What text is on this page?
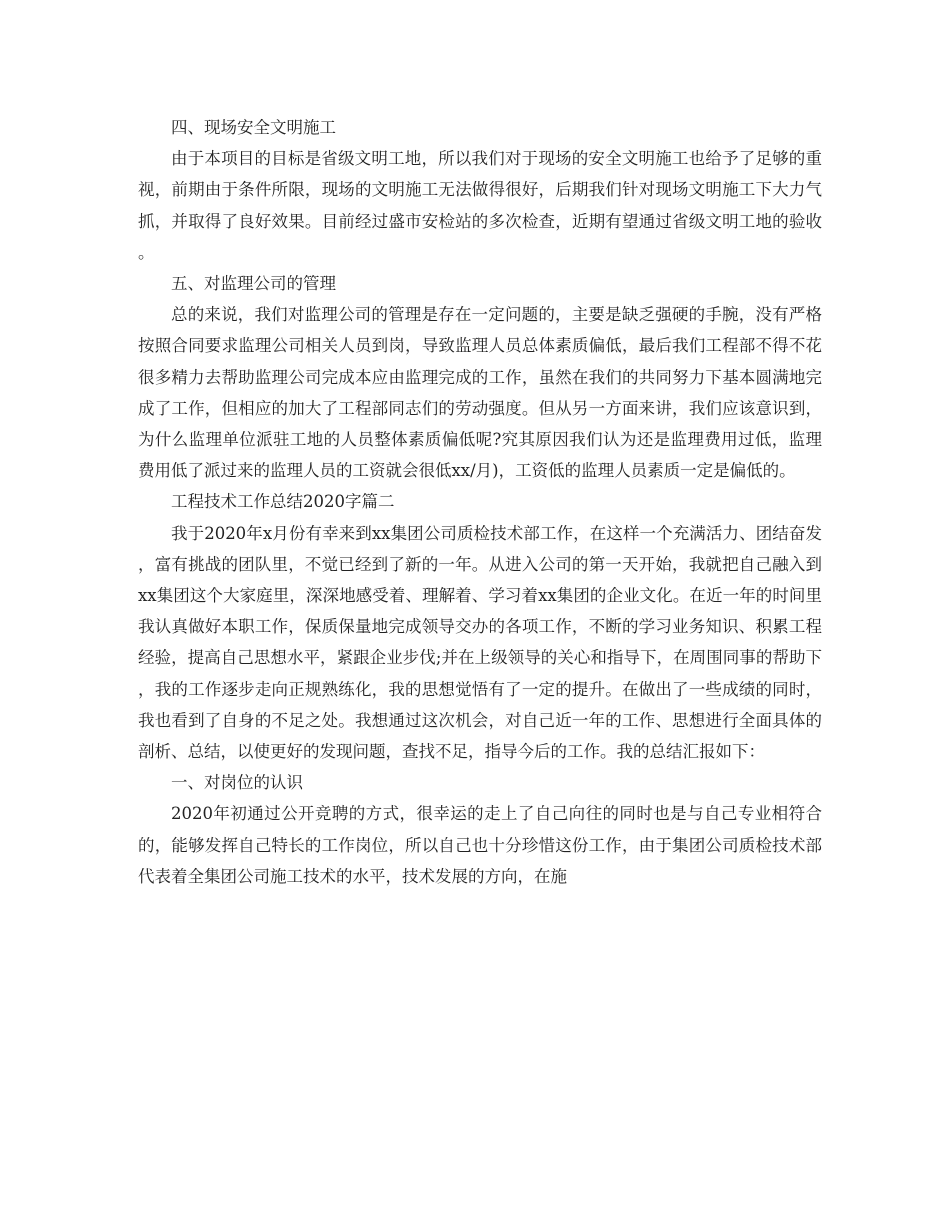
四、现场安全文明施工

由于本项目的目标是省级文明工地，所以我们对于现场的安全文明施工也给予了足够的重视，前期由于条件所限，现场的文明施工无法做得很好，后期我们针对现场文明施工下大力气抓，并取得了良好效果。目前经过盛市安检站的多次检查，近期有望通过省级文明工地的验收。

五、对监理公司的管理

总的来说，我们对监理公司的管理是存在一定问题的，主要是缺乏强硬的手腕，没有严格按照合同要求监理公司相关人员到岗，导致监理人员总体素质偏低，最后我们工程部不得不花很多精力去帮助监理公司完成本应由监理完成的工作，虽然在我们的共同努力下基本圆满地完成了工作，但相应的加大了工程部同志们的劳动强度。但从另一方面来讲，我们应该意识到，为什么监理单位派驻工地的人员整体素质偏低呢?究其原因我们认为还是监理费用过低，监理费用低了派过来的监理人员的工资就会很低xx/月)，工资低的监理人员素质一定是偏低的。

工程技术工作总结2020字篇二

我于2020年x月份有幸来到xx集团公司质检技术部工作，在这样一个充满活力、团结奋发，富有挑战的团队里，不觉已经到了新的一年。从进入公司的第一天开始，我就把自己融入到xx集团这个大家庭里，深深地感受着、理解着、学习着xx集团的企业文化。在近一年的时间里我认真做好本职工作，保质保量地完成领导交办的各项工作，不断的学习业务知识、积累工程经验，提高自己思想水平，紧跟企业步伐;并在上级领导的关心和指导下，在周围同事的帮助下，我的工作逐步走向正规熟练化，我的思想觉悟有了一定的提升。在做出了一些成绩的同时，我也看到了自身的不足之处。我想通过这次机会，对自己近一年的工作、思想进行全面具体的剖析、总结，以使更好的发现问题，查找不足，指导今后的工作。我的总结汇报如下：

一、对岗位的认识

2020年初通过公开竞聘的方式，很幸运的走上了自己向往的同时也是与自己专业相符合的，能够发挥自己特长的工作岗位，所以自己也十分珍惜这份工作，由于集团公司质检技术部代表着全集团公司施工技术的水平，技术发展的方向，在施
